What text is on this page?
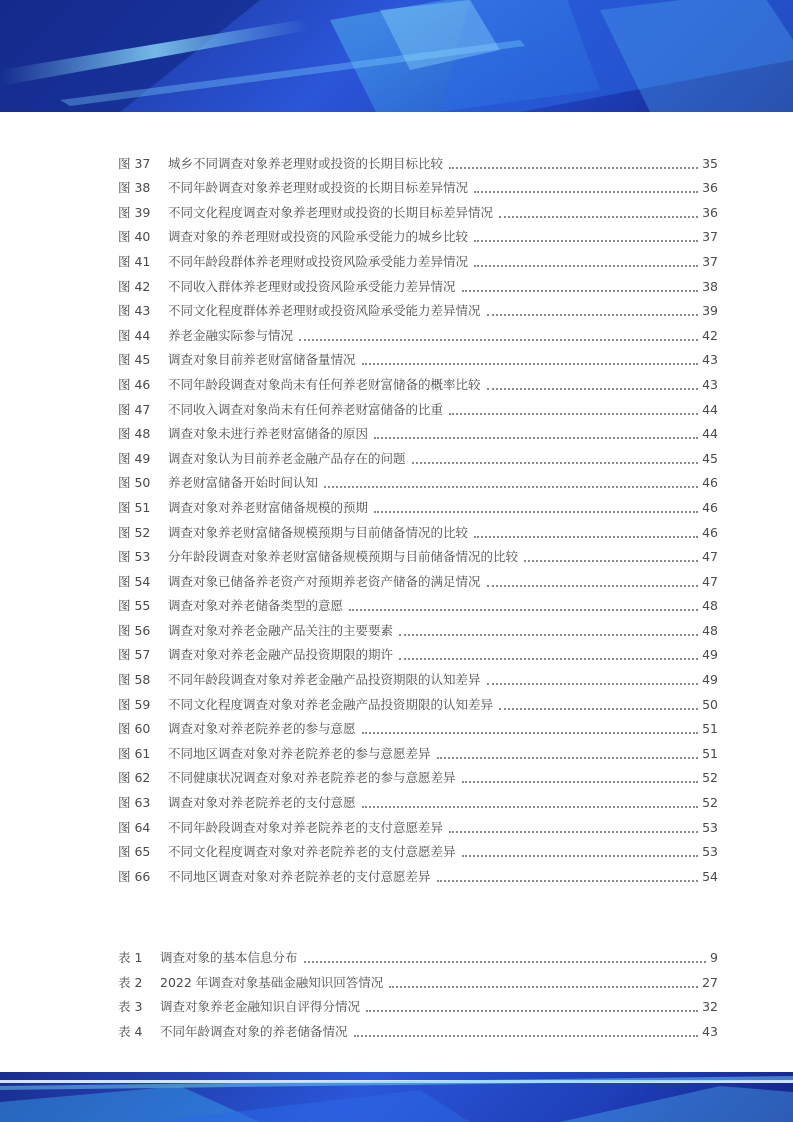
图 37	城乡不同调查对象养老理财或投资的长期目标比较	35
图 38	不同年龄调查对象养老理财或投资的长期目标差异情况	36
图 39	不同文化程度调查对象养老理财或投资的长期目标差异情况	36
图 40	调查对象的养老理财或投资的风险承受能力的城乡比较	37
图 41	不同年龄段群体养老理财或投资风险承受能力差异情况	37
图 42	不同收入群体养老理财或投资风险承受能力差异情况	38
图 43	不同文化程度群体养老理财或投资风险承受能力差异情况	39
图 44	养老金融实际参与情况	42
图 45	调查对象目前养老财富储备量情况	43
图 46	不同年龄段调查对象尚未有任何养老财富储备的概率比较	43
图 47	不同收入调查对象尚未有任何养老财富储备的比重	44
图 48	调查对象未进行养老财富储备的原因	44
图 49	调查对象认为目前养老金融产品存在的问题	45
图 50	养老财富储备开始时间认知	46
图 51	调查对象对养老财富储备规模的预期	46
图 52	调查对象养老财富储备规模预期与目前储备情况的比较	46
图 53	分年龄段调查对象养老财富储备规模预期与目前储备情况的比较	47
图 54	调查对象已储备养老资产对预期养老资产储备的满足情况	47
图 55	调查对象对养老储备类型的意愿	48
图 56	调查对象对养老金融产品关注的主要要素	48
图 57	调查对象对养老金融产品投资期限的期许	49
图 58	不同年龄段调查对象对养老金融产品投资期限的认知差异	49
图 59	不同文化程度调查对象对养老金融产品投资期限的认知差异	50
图 60	调查对象对养老院养老的参与意愿	51
图 61	不同地区调查对象对养老院养老的参与意愿差异	51
图 62	不同健康状况调查对象对养老院养老的参与意愿差异	52
图 63	调查对象对养老院养老的支付意愿	52
图 64	不同年龄段调查对象对养老院养老的支付意愿差异	53
图 65	不同文化程度调查对象对养老院养老的支付意愿差异	53
图 66	不同地区调查对象对养老院养老的支付意愿差异	54
表 1	调查对象的基本信息分布	9
表 2	2022 年调查对象基础金融知识回答情况	27
表 3	调查对象养老金融知识自评得分情况	32
表 4	不同年龄调查对象的养老储备情况	43
